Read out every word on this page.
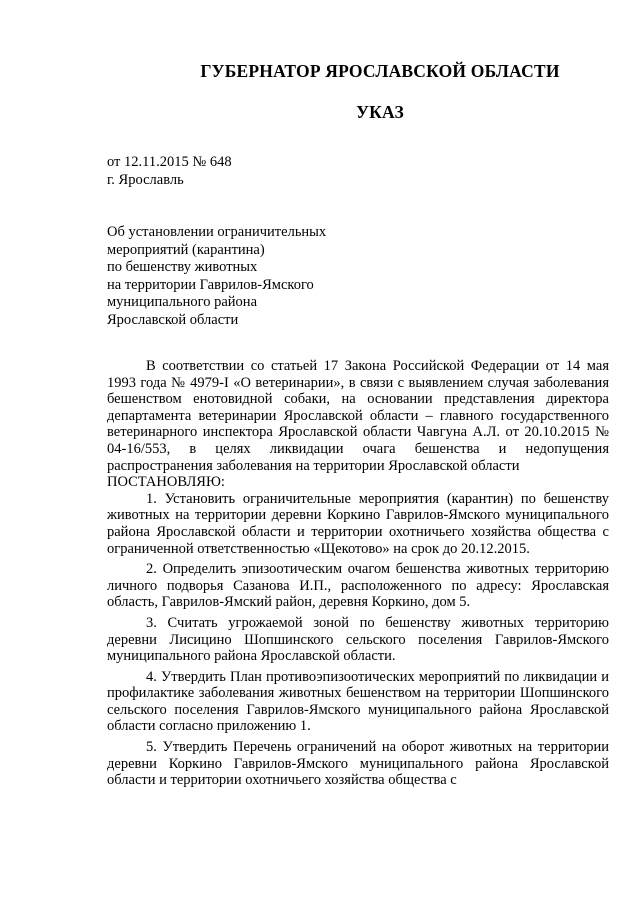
ГУБЕРНАТОР ЯРОСЛАВСКОЙ ОБЛАСТИ
УКАЗ
от 12.11.2015 № 648
г. Ярославль
Об установлении ограничительных
мероприятий (карантина)
по бешенству животных
на территории Гаврилов-Ямского
муниципального района
Ярославской области

В соответствии со статьей 17 Закона Российской Федерации от 14 мая 1993 года № 4979-I «О ветеринарии», в связи с выявлением случая заболевания бешенством енотовидной собаки, на основании представления директора департамента ветеринарии Ярославской области – главного государственного ветеринарного инспектора Ярославской области Чавгуна А.Л. от 20.10.2015 № 04-16/553, в целях ликвидации очага бешенства и недопущения распространения заболевания на территории Ярославской области

ПОСТАНОВЛЯЮ:

1. Установить ограничительные мероприятия (карантин) по бешенству животных на территории деревни Коркино Гаврилов-Ямского муниципального района Ярославской области и территории охотничьего хозяйства общества с ограниченной ответственностью «Щекотово» на срок до 20.12.2015.

2. Определить эпизоотическим очагом бешенства животных территорию личного подворья Сазанова И.П., расположенного по адресу: Ярославская область, Гаврилов-Ямский район, деревня Коркино, дом 5.

3. Считать угрожаемой зоной по бешенству животных территорию деревни Лисицино Шопшинского сельского поселения Гаврилов-Ямского муниципального района Ярославской области.

4. Утвердить План противоэпизоотических мероприятий по ликвидации и профилактике заболевания животных бешенством на территории Шопшинского сельского поселения Гаврилов-Ямского муниципального района Ярославской области согласно приложению 1.

5. Утвердить Перечень ограничений на оборот животных на территории деревни Коркино Гаврилов-Ямского муниципального района Ярославской области и территории охотничьего хозяйства общества с
